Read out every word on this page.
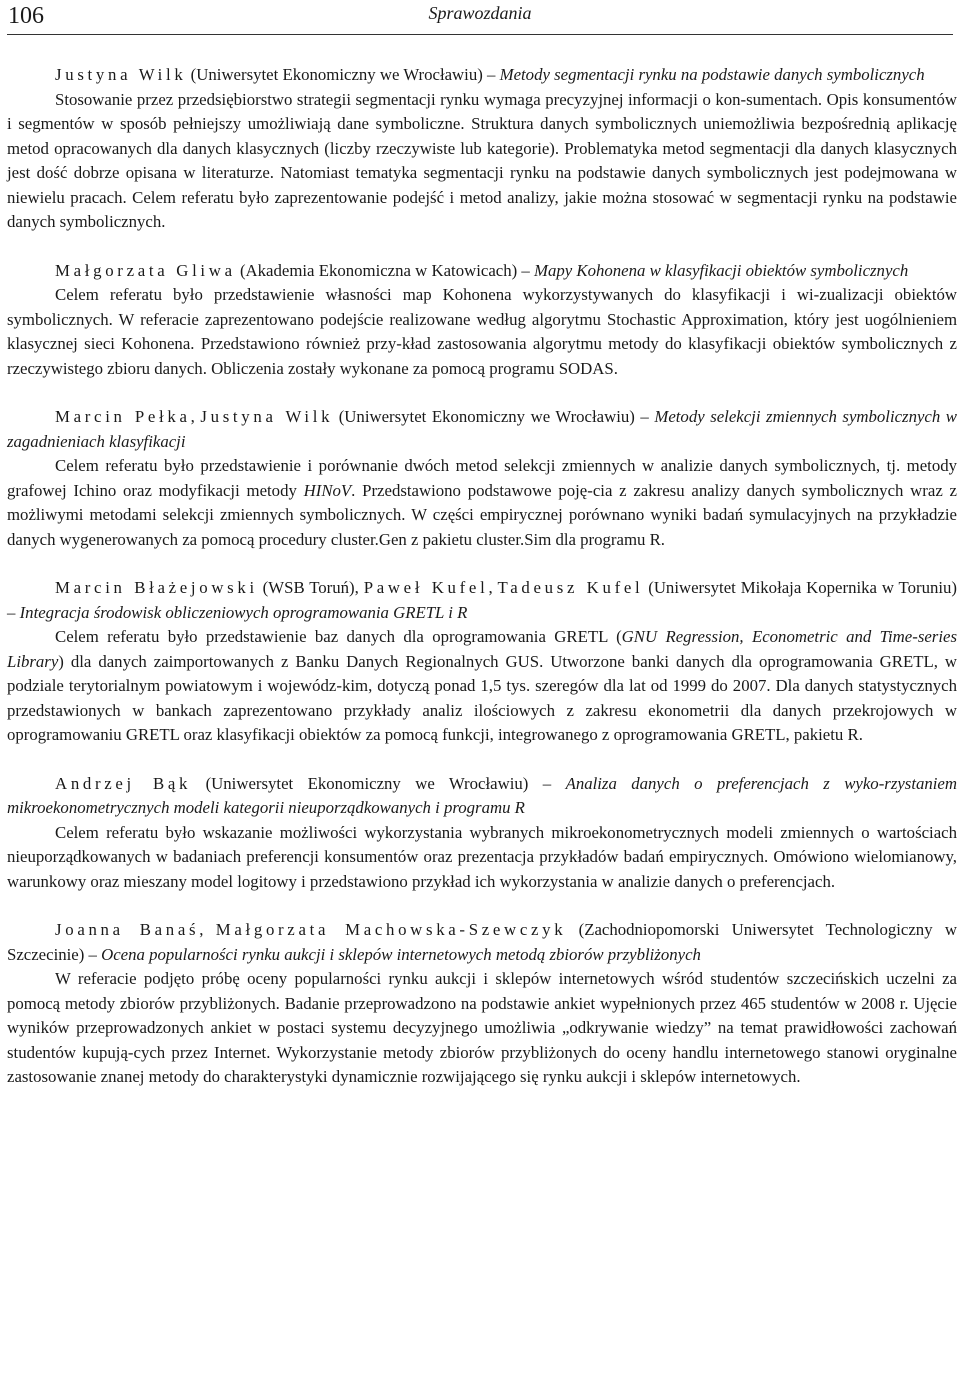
106	Sprawozdania

Justyna Wilk (Uniwersytet Ekonomiczny we Wrocławiu) – Metody segmentacji rynku na podstawie danych symbolicznych

Stosowanie przez przedsiębiorstwo strategii segmentacji rynku wymaga precyzyjnej informacji o kon-sumentach. Opis konsumentów i segmentów w sposób pełniejszy umożliwiają dane symboliczne. Struktura danych symbolicznych uniemożliwia bezpośrednią aplikację metod opracowanych dla danych klasycznych (liczby rzeczywiste lub kategorie). Problematyka metod segmentacji dla danych klasycznych jest dość dobrze opisana w literaturze. Natomiast tematyka segmentacji rynku na podstawie danych symbolicznych jest podejmowana w niewielu pracach. Celem referatu było zaprezentowanie podejść i metod analizy, jakie można stosować w segmentacji rynku na podstawie danych symbolicznych.

Małgorzata Gliwa (Akademia Ekonomiczna w Katowicach) – Mapy Kohonena w klasyfikacji obiektów symbolicznych

Celem referatu było przedstawienie własności map Kohonena wykorzystywanych do klasyfikacji i wi-zualizacji obiektów symbolicznych. W referacie zaprezentowano podejście realizowane według algorytmu Stochastic Approximation, który jest uogólnieniem klasycznej sieci Kohonena. Przedstawiono również przy-kład zastosowania algorytmu metody do klasyfikacji obiektów symbolicznych z rzeczywistego zbioru danych. Obliczenia zostały wykonane za pomocą programu SODAS.

Marcin Pełka, Justyna Wilk (Uniwersytet Ekonomiczny we Wrocławiu) – Metody selekcji zmiennych symbolicznych w zagadnieniach klasyfikacji

Celem referatu było przedstawienie i porównanie dwóch metod selekcji zmiennych w analizie danych symbolicznych, tj. metody grafowej Ichino oraz modyfikacji metody HINoV. Przedstawiono podstawowe poję-cia z zakresu analizy danych symbolicznych wraz z możliwymi metodami selekcji zmiennych symbolicznych. W części empirycznej porównano wyniki badań symulacyjnych na przykładzie danych wygenerowanych za pomocą procedury cluster.Gen z pakietu cluster.Sim dla programu R.

Marcin Błażejowski (WSB Toruń), Paweł Kufel, Tadeusz Kufel (Uniwersytet Mikołaja Kopernika w Toruniu) – Integracja środowisk obliczeniowych oprogramowania GRETL i R

Celem referatu było przedstawienie baz danych dla oprogramowania GRETL (GNU Regression, Econometric and Time-series Library) dla danych zaimportowanych z Banku Danych Regionalnych GUS. Utworzone banki danych dla oprogramowania GRETL, w podziale terytorialnym powiatowym i wojewódz-kim, dotyczą ponad 1,5 tys. szeregów dla lat od 1999 do 2007. Dla danych statystycznych przedstawionych w bankach zaprezentowano przykłady analiz ilościowych z zakresu ekonometrii dla danych przekrojowych w oprogramowaniu GRETL oraz klasyfikacji obiektów za pomocą funkcji, integrowanego z oprogramowania GRETL, pakietu R.

Andrzej Bąk (Uniwersytet Ekonomiczny we Wrocławiu) – Analiza danych o preferencjach z wyko-rzystaniem mikroekonometrycznych modeli kategorii nieuporządkowanych i programu R

Celem referatu było wskazanie możliwości wykorzystania wybranych mikroekonometrycznych modeli zmiennych o wartościach nieuporządkowanych w badaniach preferencji konsumentów oraz prezentacja przykładów badań empirycznych. Omówiono wielomianowy, warunkowy oraz mieszany model logitowy i przedstawiono przykład ich wykorzystania w analizie danych o preferencjach.

Joanna Banaś, Małgorzata Machowska-Szewczyk (Zachodniopomorski Uniwersytet Technologiczny w Szczecinie) – Ocena popularności rynku aukcji i sklepów internetowych metodą zbiorów przybliżonych

W referacie podjęto próbę oceny popularności rynku aukcji i sklepów internetowych wśród studentów szczecińskich uczelni za pomocą metody zbiorów przybliżonych. Badanie przeprowadzono na podstawie ankiet wypełnionych przez 465 studentów w 2008 r. Ujęcie wyników przeprowadzonych ankiet w postaci systemu decyzyjnego umożliwia „odkrywanie wiedzy” na temat prawidłowości zachowań studentów kupują-cych przez Internet. Wykorzystanie metody zbiorów przybliżonych do oceny handlu internetowego stanowi oryginalne zastosowanie znanej metody do charakterystyki dynamicznie rozwijającego się rynku aukcji i sklepów internetowych.
